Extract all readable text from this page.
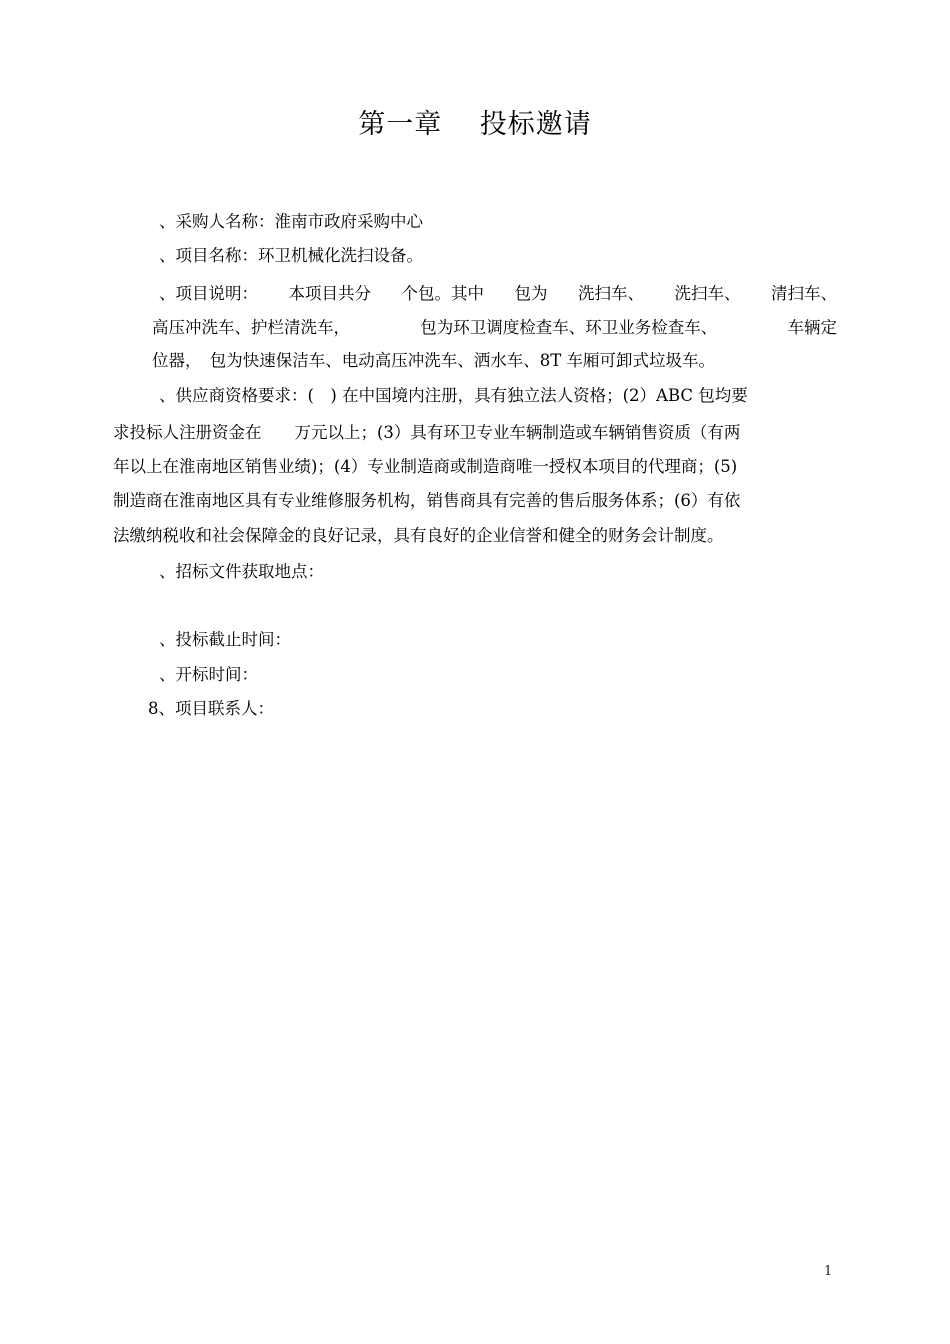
第一章　 投标邀请
、采购人名称：淮南市政府采购中心
、项目名称：环卫机械化洗扫设备。
、项目说明： 本项目共分 个包。其中 包为 洗扫车、 洗扫车、 清扫车、
高压冲洗车、护栏清洗车，	包为环卫调度检查车、环卫业务检查车、	车辆定
位器，　包为快速保洁车、电动高压冲洗车、洒水车、8T 车厢可卸式垃圾车。
、供应商资格要求：(　) 在中国境内注册，具有独立法人资格；(2）ABC 包均要
求投标人注册资金在　　万元以上；(3）具有环卫专业车辆制造或车辆销售资质（有两
年以上在淮南地区销售业绩)；(4）专业制造商或制造商唯一授权本项目的代理商；(5)
制造商在淮南地区具有专业维修服务机构，销售商具有完善的售后服务体系；(6）有依
法缴纳税收和社会保障金的良好记录，具有良好的企业信誉和健全的财务会计制度。
、招标文件获取地点：
、投标截止时间：
、开标时间：
8、项目联系人：
1
